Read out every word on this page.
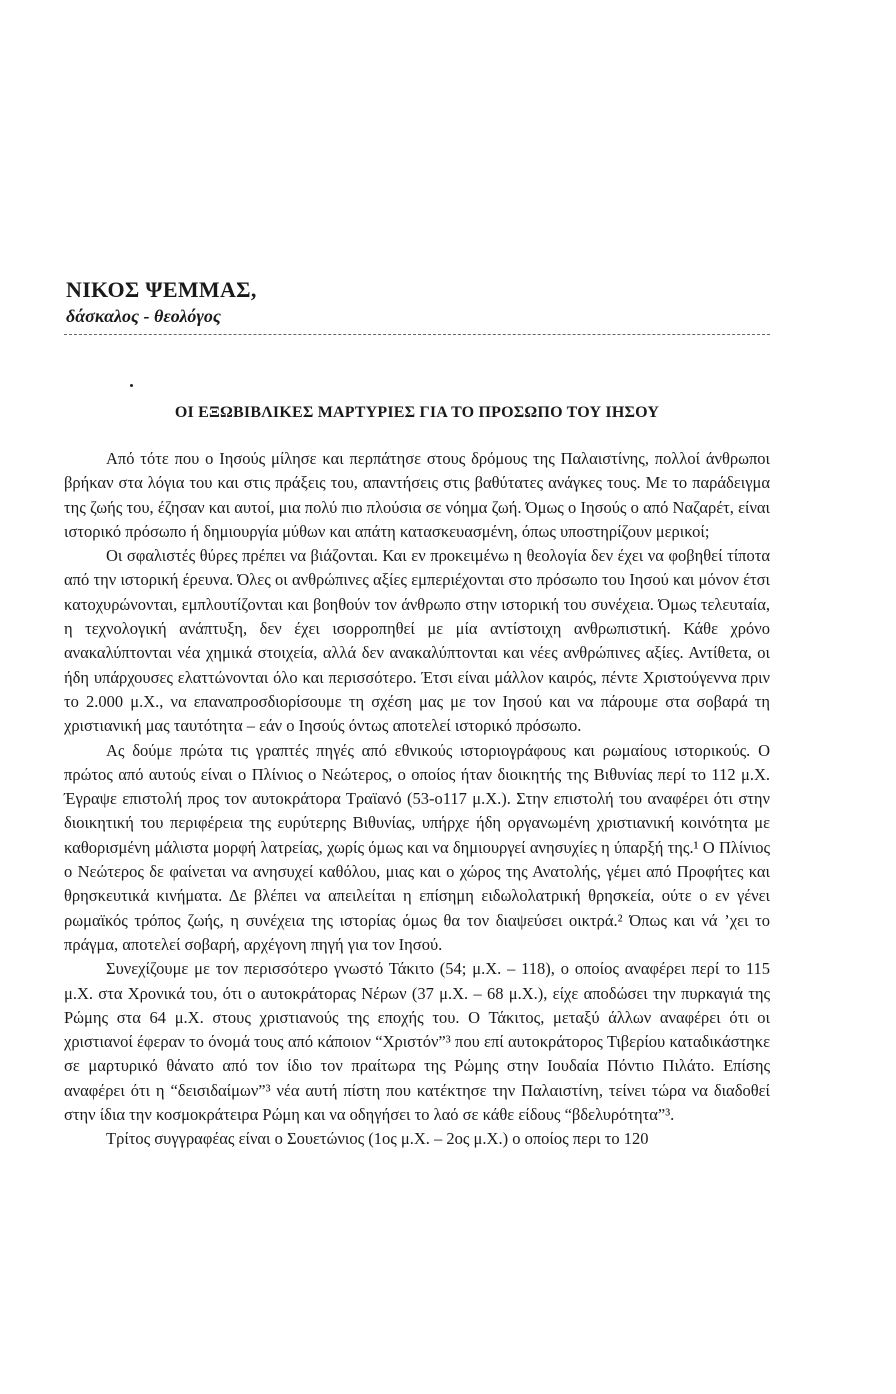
ΝΙΚΟΣ ΨΕΜΜΑΣ,
δάσκαλος - θεολόγος
ΟΙ ΕΞΩΒΙΒΛΙΚΕΣ ΜΑΡΤΥΡΙΕΣ ΓΙΑ ΤΟ ΠΡΟΣΩΠΟ ΤΟΥ ΙΗΣΟΥ

Από τότε που ο Ιησούς μίλησε και περπάτησε στους δρόμους της Παλαιστίνης, πολλοί άνθρωποι βρήκαν στα λόγια του και στις πράξεις του, απαντήσεις στις βαθύτατες ανάγκες τους. Με το παράδειγμα της ζωής του, έζησαν και αυτοί, μια πολύ πιο πλούσια σε νόημα ζωή. Όμως ο Ιησούς ο από Ναζαρέτ, είναι ιστορικό πρόσωπο ή δημιουργία μύθων και απάτη κατασκευασμένη, όπως υποστηρίζουν μερικοί;

Οι σφαλιστές θύρες πρέπει να βιάζονται. Και εν προκειμένω η θεολογία δεν έχει να φοβηθεί τίποτα από την ιστορική έρευνα. Όλες οι ανθρώπινες αξίες εμπεριέχονται στο πρόσωπο του Ιησού και μόνον έτσι κατοχυρώνονται, εμπλουτίζονται και βοηθούν τον άνθρωπο στην ιστορική του συνέχεια. Όμως τελευταία, η τεχνολογική ανάπτυξη, δεν έχει ισορροπηθεί με μία αντίστοιχη ανθρωπιστική. Κάθε χρόνο ανακαλύπτονται νέα χημικά στοιχεία, αλλά δεν ανακαλύπτονται και νέες ανθρώπινες αξίες. Αντίθετα, οι ήδη υπάρχουσες ελαττώνονται όλο και περισσότερο. Έτσι είναι μάλλον καιρός, πέντε Χριστούγεννα πριν το 2.000 μ.Χ., να επαναπροσδιορίσουμε τη σχέση μας με τον Ιησού και να πάρουμε στα σοβαρά τη χριστιανική μας ταυτότητα – εάν ο Ιησούς όντως αποτελεί ιστορικό πρόσωπο.

Ας δούμε πρώτα τις γραπτές πηγές από εθνικούς ιστοριογράφους και ρωμαίους ιστορικούς. Ο πρώτος από αυτούς είναι ο Πλίνιος ο Νεώτερος, ο οποίος ήταν διοικητής της Βιθυνίας περί το 112 μ.Χ. Έγραψε επιστολή προς τον αυτοκράτορα Τραϊανό (53-ο117 μ.Χ.). Στην επιστολή του αναφέρει ότι στην διοικητική του περιφέρεια της ευρύτερης Βιθυνίας, υπήρχε ήδη οργανωμένη χριστιανική κοινότητα με καθορισμένη μάλιστα μορφή λατρείας, χωρίς όμως και να δημιουργεί ανησυχίες η ύπαρξή της.¹ Ο Πλίνιος ο Νεώτερος δε φαίνεται να ανησυχεί καθόλου, μιας και ο χώρος της Ανατολής, γέμει από Προφήτες και θρησκευτικά κινήματα. Δε βλέπει να απειλείται η επίσημη ειδωλολατρική θρησκεία, ούτε ο εν γένει ρωμαϊκός τρόπος ζωής, η συνέχεια της ιστορίας όμως θα τον διαψεύσει οικτρά.² Όπως και νά ’χει το πράγμα, αποτελεί σοβαρή, αρχέγονη πηγή για τον Ιησού.

Συνεχίζουμε με τον περισσότερο γνωστό Τάκιτο (54; μ.Χ. – 118), ο οποίος αναφέρει περί το 115 μ.Χ. στα Χρονικά του, ότι ο αυτοκράτορας Νέρων (37 μ.Χ. – 68 μ.Χ.), είχε αποδώσει την πυρκαγιά της Ρώμης στα 64 μ.Χ. στους χριστιανούς της εποχής του. Ο Τάκιτος, μεταξύ άλλων αναφέρει ότι οι χριστιανοί έφεραν το όνομά τους από κάποιον “Χριστόν”³ που επί αυτοκράτορος Τιβερίου καταδικάστηκε σε μαρτυρικό θάνατο από τον ίδιο τον πραίτωρα της Ρώμης στην Ιουδαία Πόντιο Πιλάτο. Επίσης αναφέρει ότι η “δεισιδαίμων”³ νέα αυτή πίστη που κατέκτησε την Παλαιστίνη, τείνει τώρα να διαδοθεί στην ίδια την κοσμοκράτειρα Ρώμη και να οδηγήσει το λαό σε κάθε είδους “βδελυρότητα”³.

Τρίτος συγγραφέας είναι ο Σουετώνιος (1ος μ.Χ. – 2ος μ.Χ.) ο οποίος περι το 120
